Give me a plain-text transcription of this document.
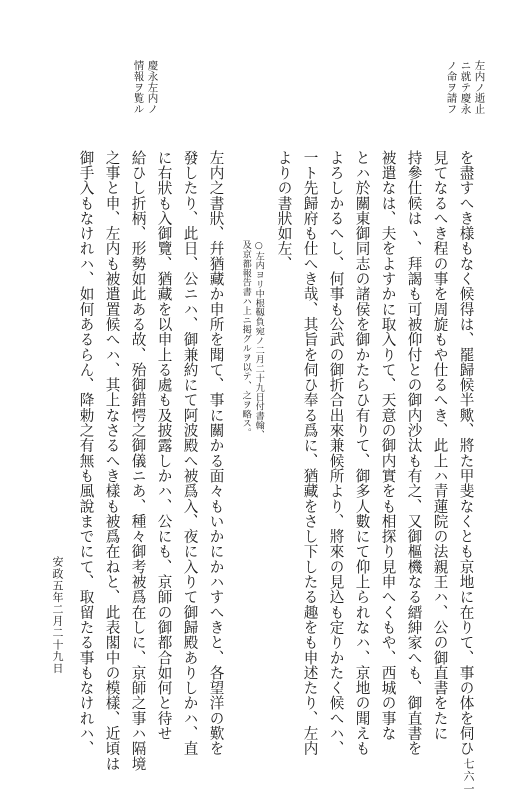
左内ノ逝止
ニ就テ慶永
ノ命ヲ請フ
慶永左内ノ
情報ヲ覧ル
を盡すへき様もなく候得は、罷歸候半歟、將た甲斐なくとも京地に在りて、事の体を伺ひ
見てなるへき程の事を周旋もや仕るへき、此上ハ青蓮院の法親王ハ、公の御直書をたに
持參仕候はヽ、拜謁も可被仰付との御内沙汰も有之、又御樞機なる縉紳家へも、御直書を
被遣なは、夫をよすかに取入りて、天意の御内實をも相探り見申へくもや、西城の事な
とハ於關東御同志の諸侯を御かたらひ有りて、御多人數にて仰上られなハ、京地の聞えも
よろしかるへし、何事も公武の御折合出來兼候所より、將來の見込も定りかたく候へハ、
一ト先歸府も仕へき哉、其旨を伺ひ奉る爲に、猶藏をさし下したる趣をも申述たり、左内
よりの書狀如左、
○左内ヨリ中根靱負宛ノ二月二十九日付書翰、
及京都報告書ハ上ニ掲グルヲ以テ、之ヲ略ス。
左内之書狀、幷猶藏か申所を聞て、事に關かる面々もいかにかハすへきと、各望洋の歎を
發したり、此日、公ニハ、御兼約にて阿波殿へ被爲入、夜に入りて御歸殿ありしかハ、直
に右狀も入御覽、猶藏を以申上る處も及披露しかハ、公にも、京師の御都合如何と待せ
給ひし折柄、形勢如此ある故、殆御錯愕之御儀ニあ、種々御考被爲在しに、京師之事ハ隔境
之事と申、左内も被遣置候へハ、其上なさるへき樣も被爲在ねと、此表閣中の模樣、近頃は
御手入もなけれハ、如何あるらん、降勅之有無も風說までにて、取留たる事もなけれハ、
安政五年二月二十九日
七六一
